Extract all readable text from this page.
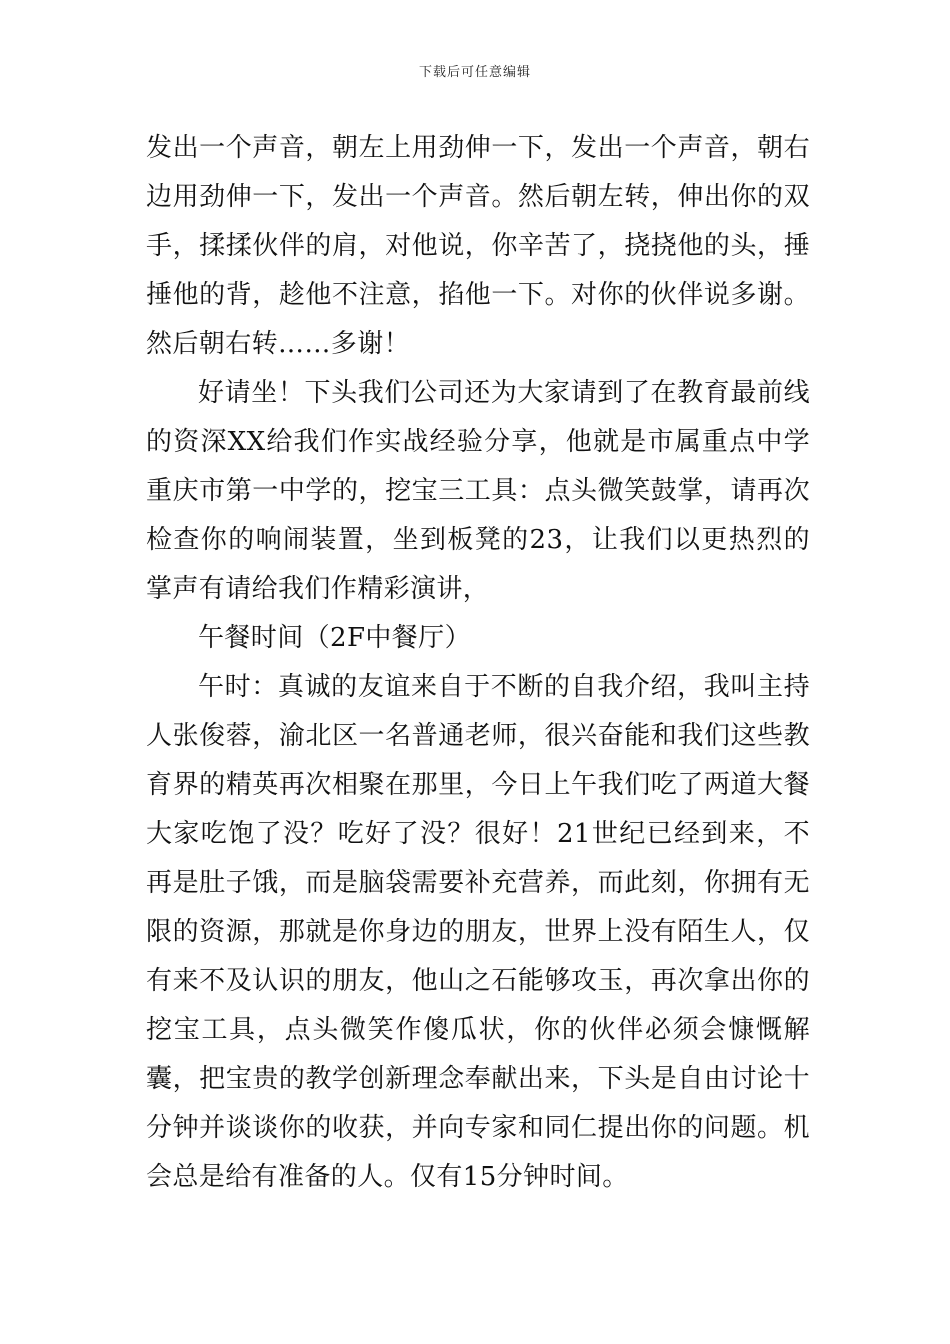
下载后可任意编辑

发出一个声音，朝左上用劲伸一下，发出一个声音，朝右边用劲伸一下，发出一个声音。然后朝左转，伸出你的双手，揉揉伙伴的肩，对他说，你辛苦了，挠挠他的头，捶捶他的背，趁他不注意，掐他一下。对你的伙伴说多谢。然后朝右转……多谢！

好请坐！下头我们公司还为大家请到了在教育最前线的资深XX给我们作实战经验分享，他就是市属重点中学重庆市第一中学的，挖宝三工具：点头微笑鼓掌，请再次检查你的响闹装置，坐到板凳的23，让我们以更热烈的掌声有请给我们作精彩演讲，

午餐时间（2F中餐厅）

午时：真诚的友谊来自于不断的自我介绍，我叫主持人张俊蓉，渝北区一名普通老师，很兴奋能和我们这些教育界的精英再次相聚在那里，今日上午我们吃了两道大餐大家吃饱了没？吃好了没？很好！21世纪已经到来，不再是肚子饿，而是脑袋需要补充营养，而此刻，你拥有无限的资源，那就是你身边的朋友，世界上没有陌生人，仅有来不及认识的朋友，他山之石能够攻玉，再次拿出你的挖宝工具，点头微笑作傻瓜状，你的伙伴必须会慷慨解囊，把宝贵的教学创新理念奉献出来，下头是自由讨论十分钟并谈谈你的收获，并向专家和同仁提出你的问题。机会总是给有准备的人。仅有15分钟时间。
